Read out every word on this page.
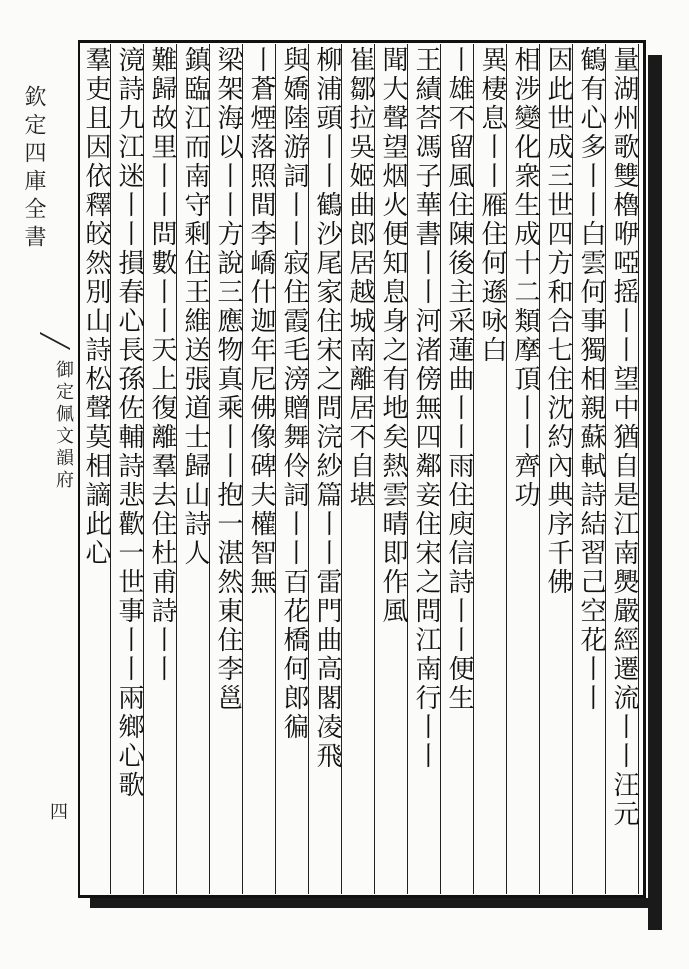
欽定四庫全書
御定佩文韻府
四	量湖州歌雙櫓咿啞摇丨丨望中猶自是江南爂嚴經遷流丨丨汪元
鶴有心多丨丨白雲何事獨相親蘇軾詩結習己空花丨丨
因此世成三世四方和合七住沈約內典序千佛
相涉變化衆生成十二類摩頂丨丨齊功
異棲息丨丨雁住何遜咏白
丨雄不留風住陳後主采蓮曲丨丨雨住庾信詩丨丨便生
王績荅馮子華書丨丨河渚傍無四鄰妾住宋之問江南行丨丨
聞大聲望烟火便知息身之有地矣熱雲晴即作風
崔鄒拉吳姬曲郎居越城南離居不自堪
柳浦頭丨丨鶴沙尾家住宋之問浣紗篇丨丨雷門曲高閣凌飛
與嬌陸游詞丨丨寂住霞毛滂贈舞伶詞丨丨百花橋何郎徧
丨蒼煙落照間李嶠什迦年尼佛像碑夫權智無
梁架海以丨丨方說三應物真乘丨丨抱一湛然東住李邕
鎮臨江而南守剩住王維送張道士歸山詩人
難歸故里丨丨問數丨丨天上復離羣去住杜甫詩丨丨
滰詩九江迷丨丨損春心長孫佐輔詩悲歡一世事丨丨兩鄉心歌
羣吏且因依釋皎然別山詩松聲莫相謫此心
